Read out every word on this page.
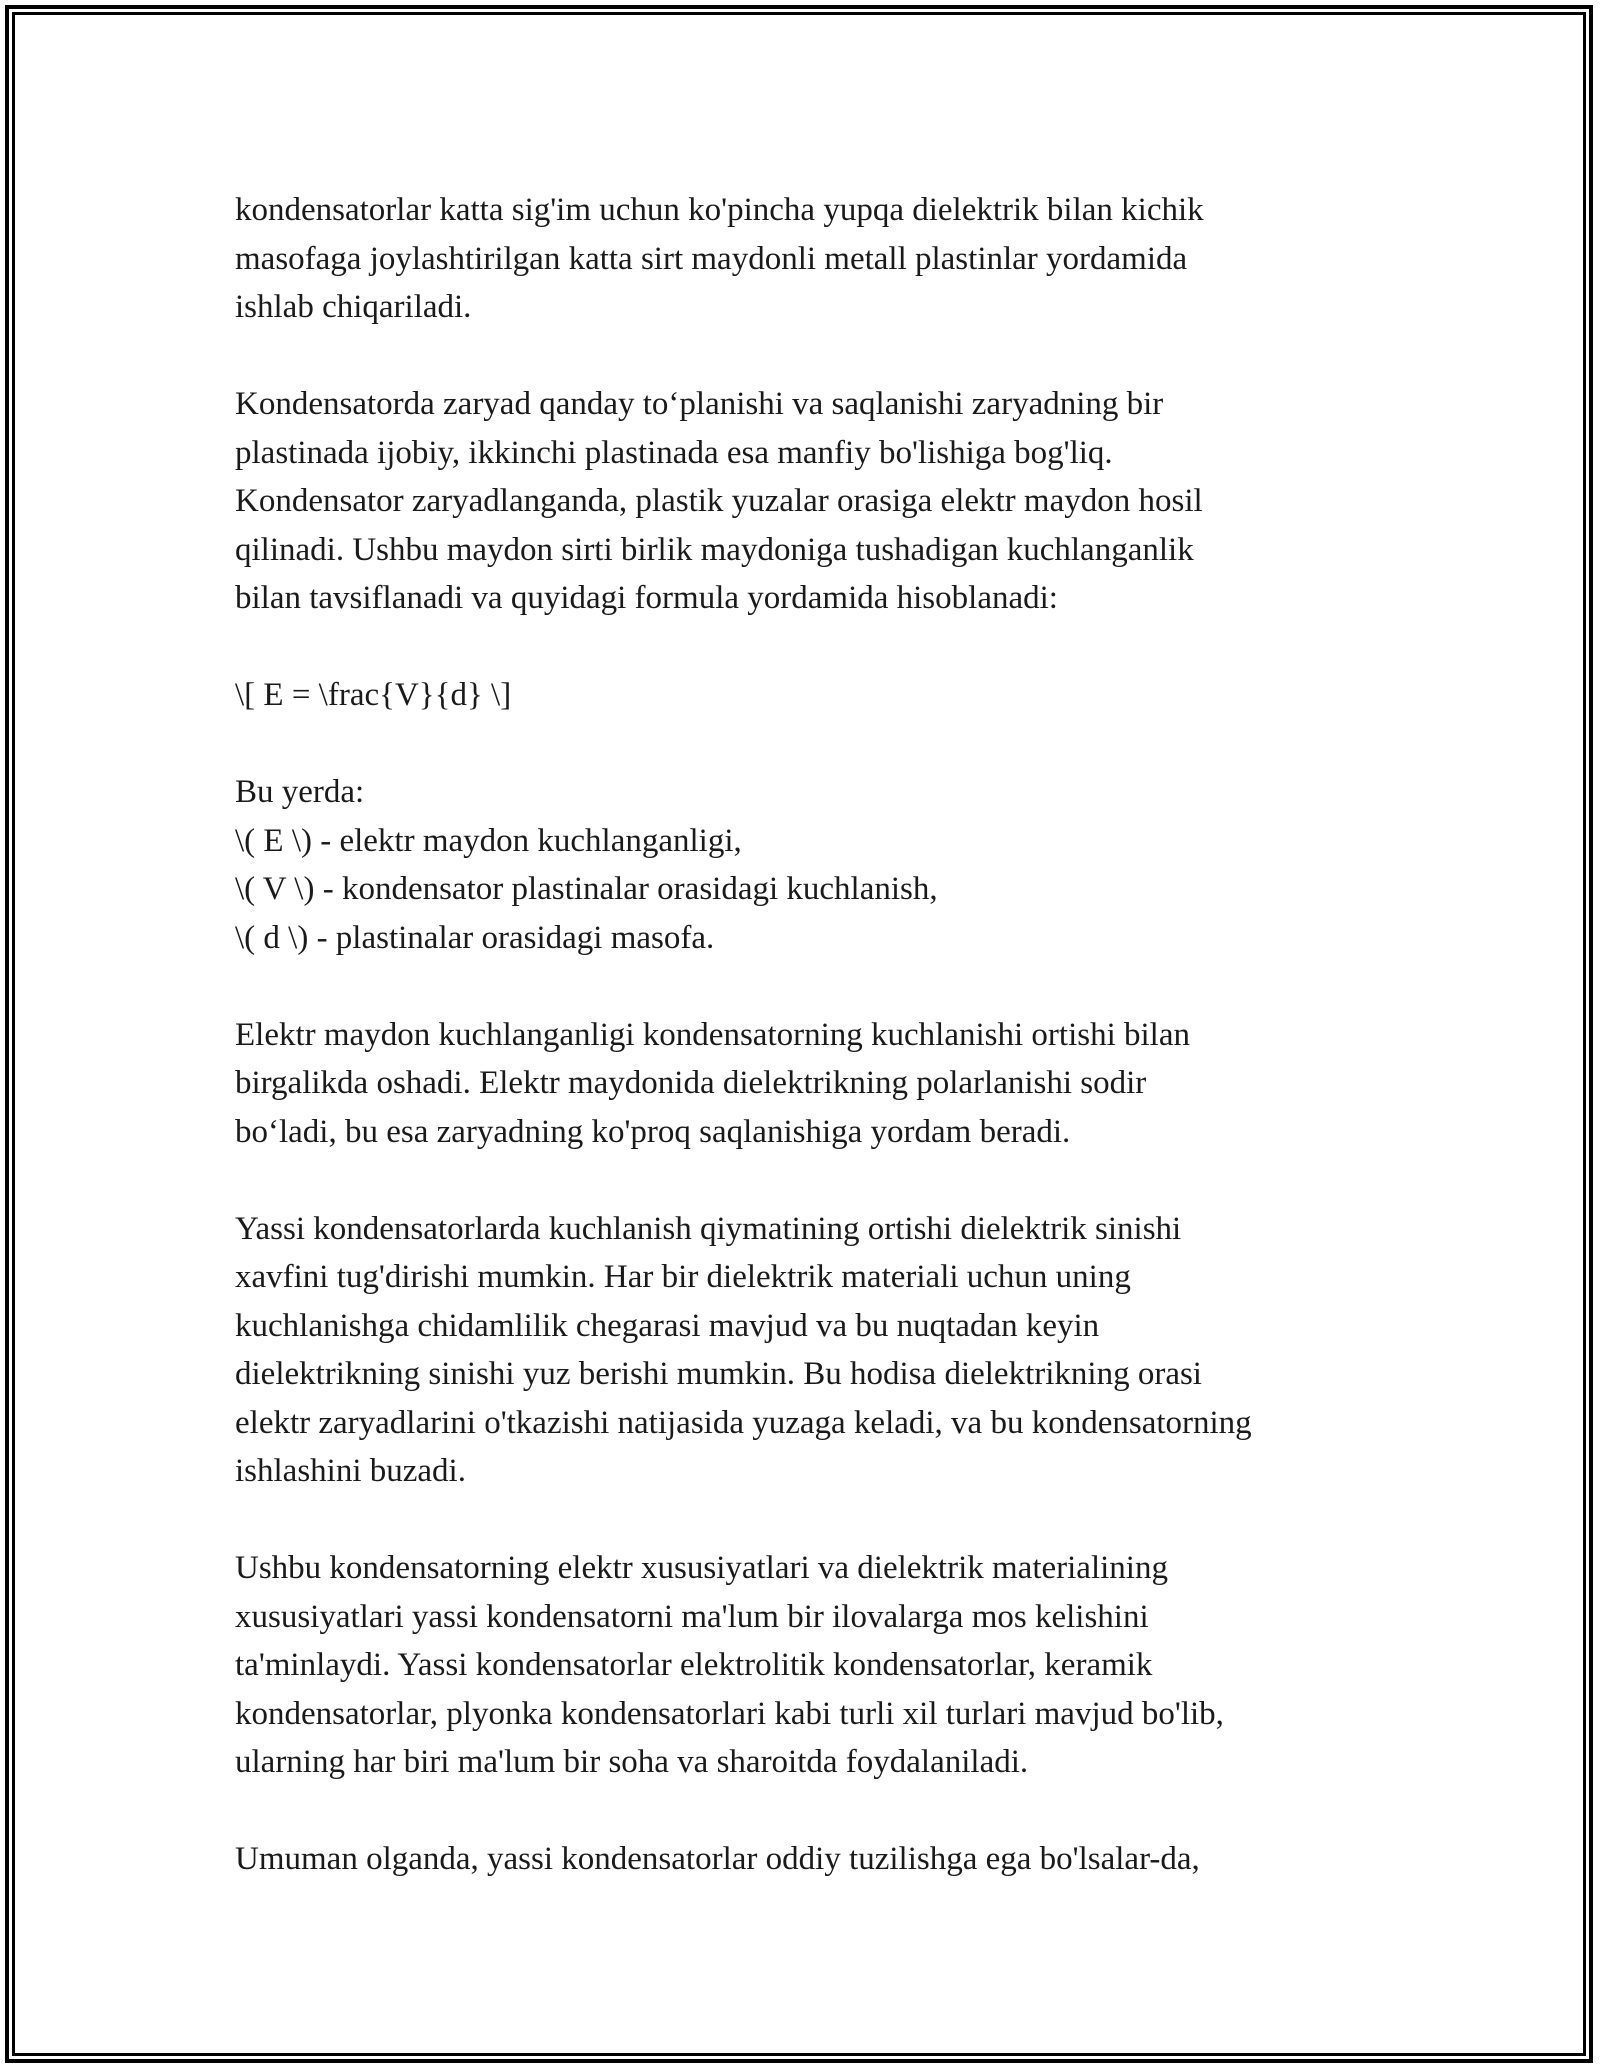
kondensatorlar katta sig'im uchun ko'pincha yupqa dielektrik bilan kichik
masofaga joylashtirilgan katta sirt maydonli metall plastinlar yordamida
ishlab chiqariladi.

Kondensatorda zaryad qanday to‘planishi va saqlanishi zaryadning bir
plastinada ijobiy, ikkinchi plastinada esa manfiy bo'lishiga bog'liq.
Kondensator zaryadlanganda, plastik yuzalar orasiga elektr maydon hosil
qilinadi. Ushbu maydon sirti birlik maydoniga tushadigan kuchlanganlik
bilan tavsiflanadi va quyidagi formula yordamida hisoblanadi:

\[ E = \frac{V}{d} \]

Bu yerda:
\( E \) - elektr maydon kuchlanganligi,
\( V \) - kondensator plastinalar orasidagi kuchlanish,
\( d \) - plastinalar orasidagi masofa.

Elektr maydon kuchlanganligi kondensatorning kuchlanishi ortishi bilan
birgalikda oshadi. Elektr maydonida dielektrikning polarlanishi sodir
bo‘ladi, bu esa zaryadning ko'proq saqlanishiga yordam beradi.

Yassi kondensatorlarda kuchlanish qiymatining ortishi dielektrik sinishi
xavfini tug'dirishi mumkin. Har bir dielektrik materiali uchun uning
kuchlanishga chidamlilik chegarasi mavjud va bu nuqtadan keyin
dielektrikning sinishi yuz berishi mumkin. Bu hodisa dielektrikning orasi
elektr zaryadlarini o'tkazishi natijasida yuzaga keladi, va bu kondensatorning
ishlashini buzadi.

Ushbu kondensatorning elektr xususiyatlari va dielektrik materialining
xususiyatlari yassi kondensatorni ma'lum bir ilovalarga mos kelishini
ta'minlaydi. Yassi kondensatorlar elektrolitik kondensatorlar, keramik
kondensatorlar, plyonka kondensatorlari kabi turli xil turlari mavjud bo'lib,
ularning har biri ma'lum bir soha va sharoitda foydalaniladi.

Umuman olganda, yassi kondensatorlar oddiy tuzilishga ega bo'lsalar-da,
